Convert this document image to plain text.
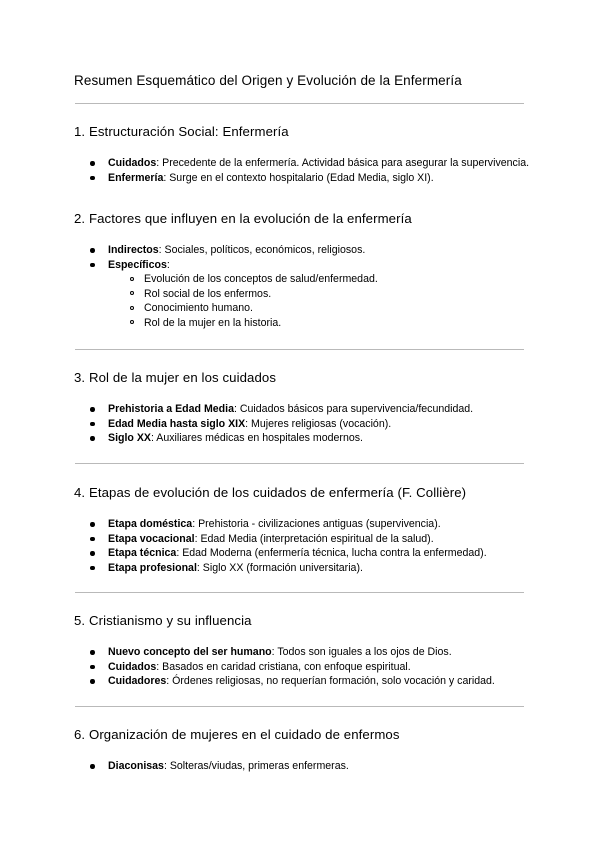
Resumen Esquemático del Origen y Evolución de la Enfermería
1. Estructuración Social: Enfermería
Cuidados: Precedente de la enfermería. Actividad básica para asegurar la supervivencia.
Enfermería: Surge en el contexto hospitalario (Edad Media, siglo XI).
2. Factores que influyen en la evolución de la enfermería
Indirectos: Sociales, políticos, económicos, religiosos.
Específicos:
Evolución de los conceptos de salud/enfermedad.
Rol social de los enfermos.
Conocimiento humano.
Rol de la mujer en la historia.
3. Rol de la mujer en los cuidados
Prehistoria a Edad Media: Cuidados básicos para supervivencia/fecundidad.
Edad Media hasta siglo XIX: Mujeres religiosas (vocación).
Siglo XX: Auxiliares médicas en hospitales modernos.
4. Etapas de evolución de los cuidados de enfermería (F. Collière)
Etapa doméstica: Prehistoria - civilizaciones antiguas (supervivencia).
Etapa vocacional: Edad Media (interpretación espiritual de la salud).
Etapa técnica: Edad Moderna (enfermería técnica, lucha contra la enfermedad).
Etapa profesional: Siglo XX (formación universitaria).
5. Cristianismo y su influencia
Nuevo concepto del ser humano: Todos son iguales a los ojos de Dios.
Cuidados: Basados en caridad cristiana, con enfoque espiritual.
Cuidadores: Órdenes religiosas, no requerían formación, solo vocación y caridad.
6. Organización de mujeres en el cuidado de enfermos
Diaconisas: Solteras/viudas, primeras enfermeras.
